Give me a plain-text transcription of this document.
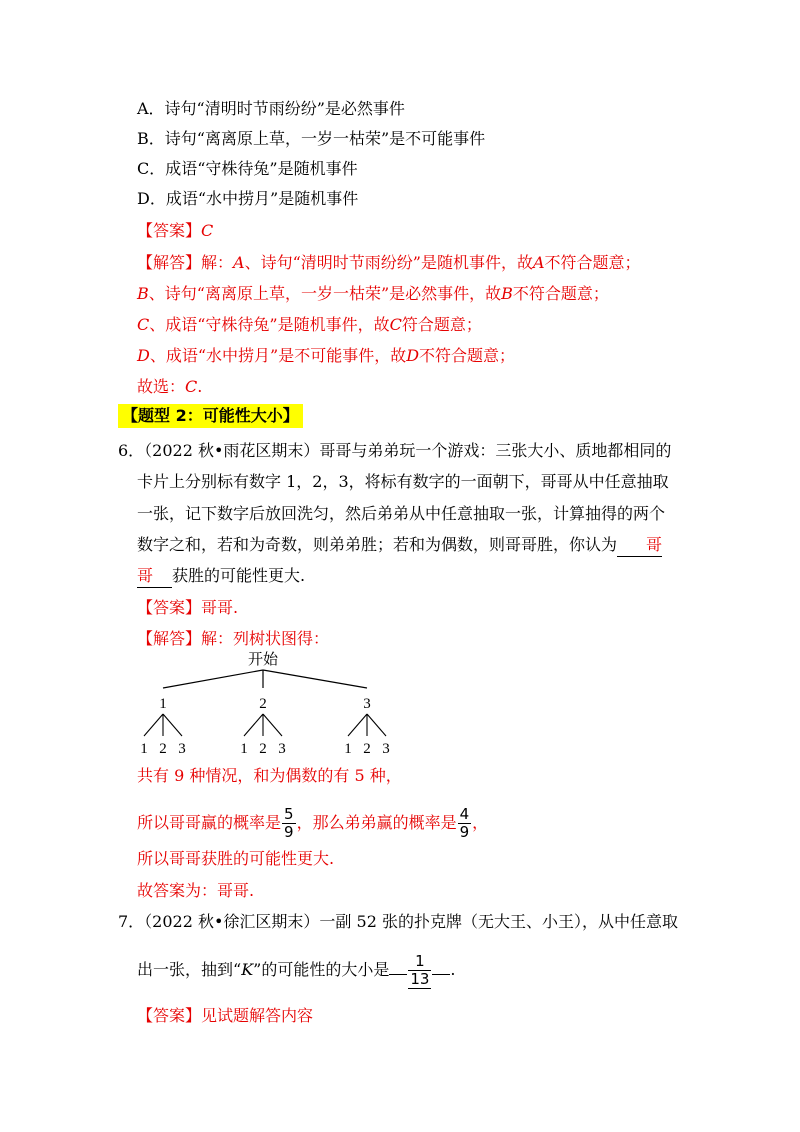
A．诗句“清明时节雨纷纷”是必然事件
B．诗句“离离原上草，一岁一枯荣”是不可能事件
C．成语“守株待兔”是随机事件
D．成语“水中捞月”是随机事件
【答案】C
【解答】解：A、诗句“清明时节雨纷纷”是随机事件，故A不符合题意；
B、诗句“离离原上草，一岁一枯荣”是必然事件，故B不符合题意；
C、成语“守株待兔”是随机事件，故C符合题意；
D、成语“水中捞月”是不可能事件，故D不符合题意；
故选：C.
【题型 2：可能性大小】
6．（2022 秋•雨花区期末）哥哥与弟弟玩一个游戏：三张大小、质地都相同的
卡片上分别标有数字 1，2，3，将标有数字的一面朝下，哥哥从中任意抽取
一张，记下数字后放回洗匀，然后弟弟从中任意抽取一张，计算抽得的两个
数字之和，若和为奇数，则弟弟胜；若和为偶数，则哥哥胜，你认为 哥
哥 获胜的可能性更大.
【答案】哥哥.
【解答】解：列树状图得：
开始
1	2	3
1 2 3	1 2 3	1 2 3
共有 9 种情况，和为偶数的有 5 种，
所以哥哥赢的概率是 $\frac{5}{9}$ ，那么弟弟赢的概率是 $\frac{4}{9}$ ，
所以哥哥获胜的可能性更大.
故答案为：哥哥.
7．（2022 秋•徐汇区期末）一副 52 张的扑克牌（无大王、小王），从中任意取
出一张，抽到“K”的可能性的大小是 $\frac{1}{13}$ .
【答案】见试题解答内容
